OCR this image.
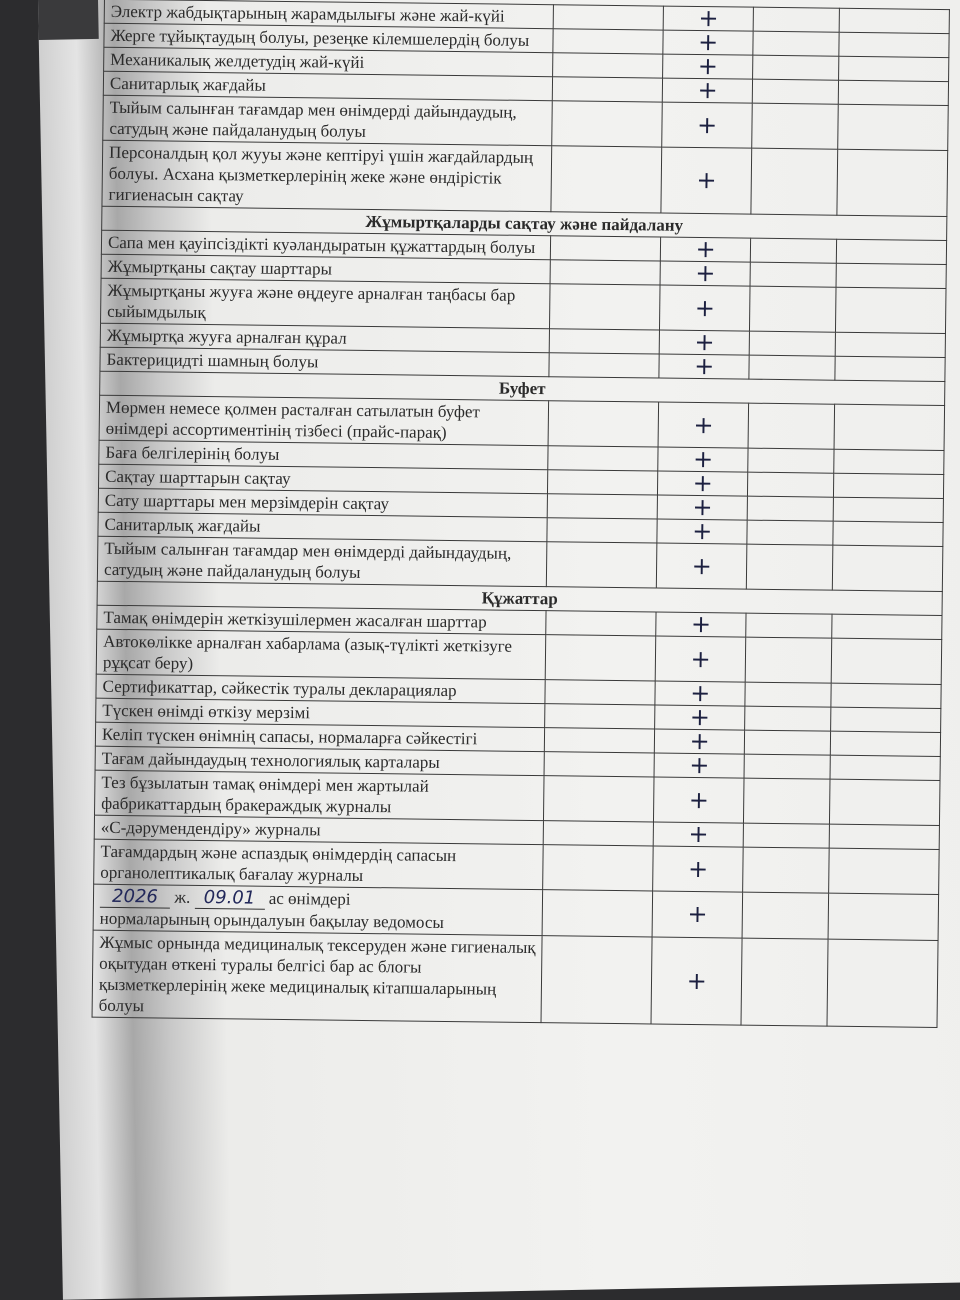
Электр жабдықтарының жарамдылығы және жай-күйі		+		
Жерге тұйықтаудың болуы, резеңке кілемшелердің болуы		+		
Механикалық желдетудің жай-күйі		+		
Санитарлық жағдайы		+		
Тыйым салынған тағамдар мен өнімдерді дайындаудың, сатудың және пайдаланудың болуы		+		
Персоналдың қол жууы және кептіруі үшін жағдайлардың болуы. Асхана қызметкерлерінің жеке және өндірістік гигиенасын сақтау		+		
Жұмыртқаларды сақтау және пайдалану				
Сапа мен қауіпсіздікті куәландыратын құжаттардың болуы		+		
Жұмыртқаны сақтау шарттары		+		
Жұмыртқаны жууға және өңдеуге арналған таңбасы бар сыйымдылық		+		
Жұмыртқа жууға арналған құрал		+		
Бактерицидті шамның болуы		+		
Буфет				
Мөрмен немесе қолмен расталған сатылатын буфет өнімдері ассортиментінің тізбесі (прайс-парақ)		+		
Баға белгілерінің болуы		+		
Сақтау шарттарын сақтау		+		
Сату шарттары мен мерзімдерін сақтау		+		
Санитарлық жағдайы		+		
Тыйым салынған тағамдар мен өнімдерді дайындаудың, сатудың және пайдаланудың болуы		+		
Құжаттар				
Тамақ өнімдерін жеткізушілермен жасалған шарттар		+		
Автокөлікке арналған хабарлама (азық-түлікті жеткізуге рұқсат беру)		+		
Сертификаттар, сәйкестік туралы декларациялар		+		
Түскен өнімді өткізу мерзімі		+		
Келіп түскен өнімнің сапасы, нормаларға сәйкестігі		+		
Тағам дайындаудың технологиялық карталары		+		
Тез бұзылатын тамақ өнімдері мен жартылай фабрикаттардың бракераждық журналы		+		
«С-дәрумендендіру» журналы		+		
Тағамдардың және аспаздық өнімдердің сапасын органолептикалық бағалау журналы		+		
2026 ж. 09.01 ас өнімдері
нормаларының орындалуын бақылау ведомосы		+		
Жұмыс орнында медициналық тексеруден және гигиеналық оқытудан өткені туралы белгісі бар ас блогы қызметкерлерінің жеке медициналық кітапшаларының болуы		+		
